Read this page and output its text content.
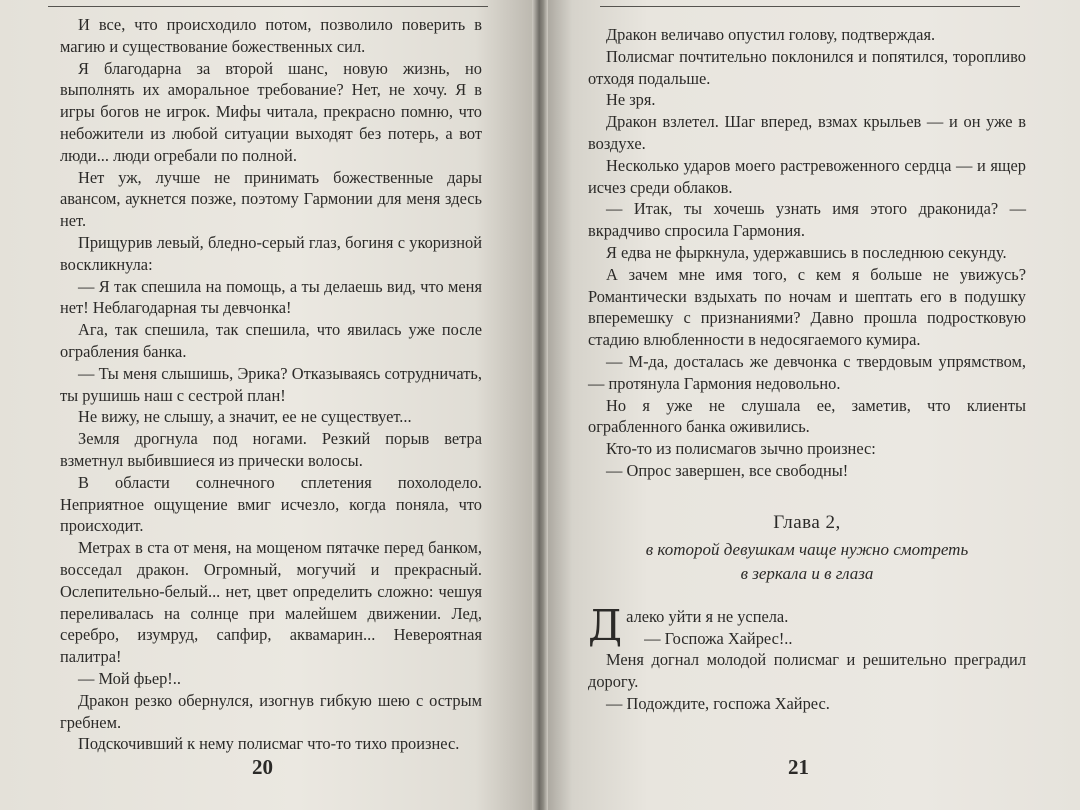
И все, что происходило потом, позволило поверить в магию и существование божественных сил.

Я благодарна за второй шанс, новую жизнь, но выполнять их аморальное требование? Нет, не хочу. Я в игры богов не игрок. Мифы читала, прекрасно помню, что небожители из любой ситуации выходят без потерь, а вот люди... люди огребали по полной.

Нет уж, лучше не принимать божественные дары авансом, аукнется позже, поэтому Гармонии для меня здесь нет.

Прищурив левый, бледно-серый глаз, богиня с укоризной воскликнула:

— Я так спешила на помощь, а ты делаешь вид, что меня нет! Неблагодарная ты девчонка!

Ага, так спешила, так спешила, что явилась уже после ограбления банка.

— Ты меня слышишь, Эрика? Отказываясь сотрудничать, ты рушишь наш с сестрой план!

Не вижу, не слышу, а значит, ее не существует...

Земля дрогнула под ногами. Резкий порыв ветра взметнул выбившиеся из прически волосы.

В области солнечного сплетения похолодело. Неприятное ощущение вмиг исчезло, когда поняла, что происходит.

Метрах в ста от меня, на мощеном пятачке перед банком, восседал дракон. Огромный, могучий и прекрасный. Ослепительно-белый... нет, цвет определить сложно: чешуя переливалась на солнце при малейшем движении. Лед, серебро, изумруд, сапфир, аквамарин... Невероятная палитра!

— Мой фьер!..

Дракон резко обернулся, изогнув гибкую шею с острым гребнем.

Подскочивший к нему полисмаг что-то тихо произнес.

20

Дракон величаво опустил голову, подтверждая.

Полисмаг почтительно поклонился и попятился, торопливо отходя подальше.

Не зря.

Дракон взлетел. Шаг вперед, взмах крыльев — и он уже в воздухе.

Несколько ударов моего растревоженного сердца — и ящер исчез среди облаков.

— Итак, ты хочешь узнать имя этого драконида? — вкрадчиво спросила Гармония.

Я едва не фыркнула, удержавшись в последнюю секунду.

А зачем мне имя того, с кем я больше не увижусь? Романтически вздыхать по ночам и шептать его в подушку вперемешку с признаниями? Давно прошла подростковую стадию влюбленности в недосягаемого кумира.

— М-да, досталась же девчонка с твердовым упрямством, — протянула Гармония недовольно.

Но я уже не слушала ее, заметив, что клиенты ограбленного банка оживились.

Кто-то из полисмагов зычно произнес:

— Опрос завершен, все свободны!

Глава 2,
в которой девушкам чаще нужно смотреть
в зеркала и в глаза

Далеко уйти я не успела.

— Госпожа Хайрес!..

Меня догнал молодой полисмаг и решительно преградил дорогу.

— Подождите, госпожа Хайрес.

21
